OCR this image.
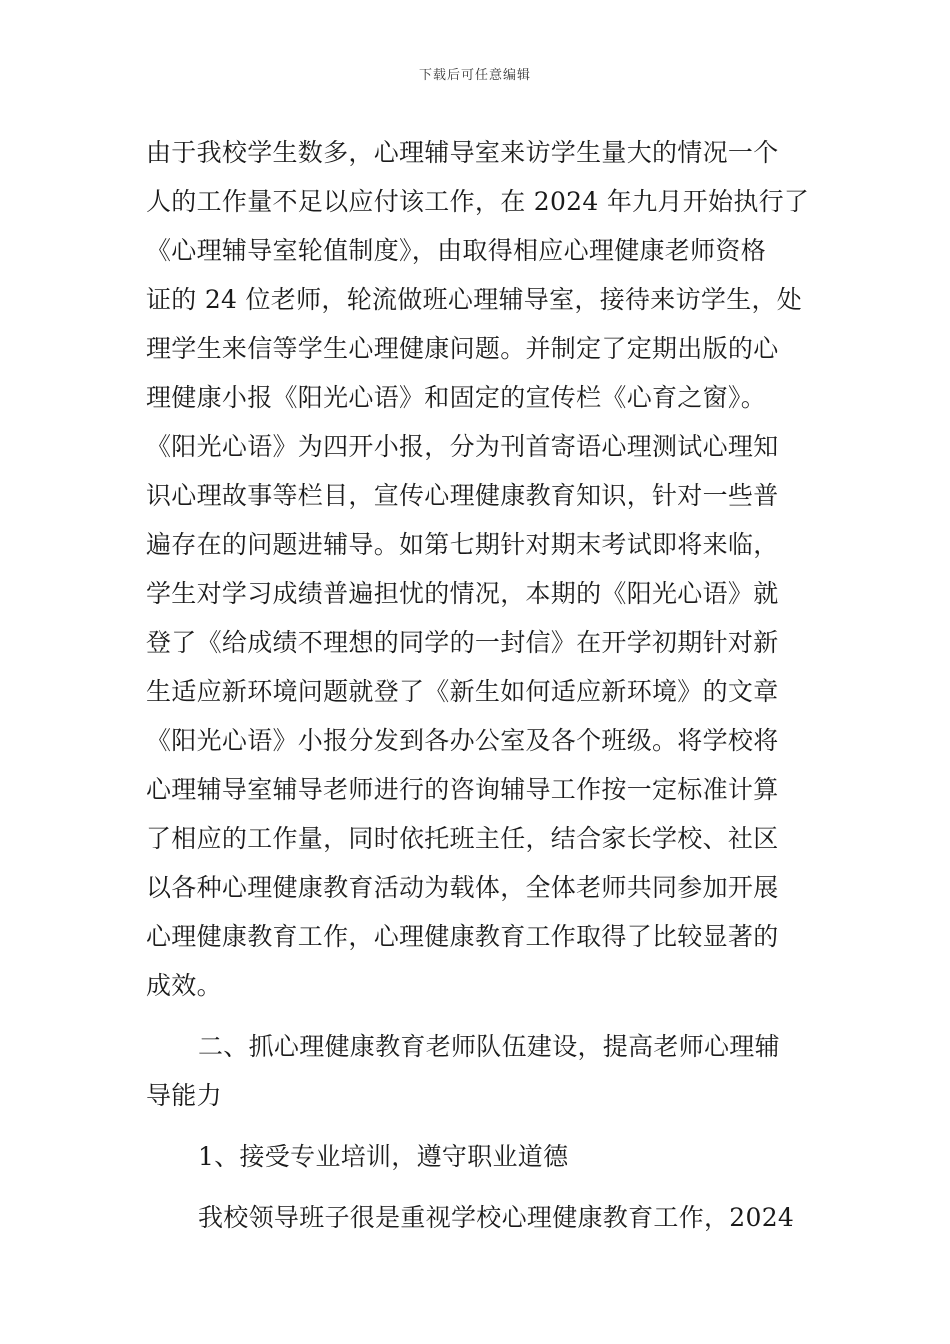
下载后可任意编辑
由于我校学生数多，心理辅导室来访学生量大的情况一个
人的工作量不足以应付该工作，在 2024 年九月开始执行了
《心理辅导室轮值制度》，由取得相应心理健康老师资格
证的 24 位老师，轮流做班心理辅导室，接待来访学生，处
理学生来信等学生心理健康问题。并制定了定期出版的心
理健康小报《阳光心语》和固定的宣传栏《心育之窗》。
《阳光心语》为四开小报，分为刊首寄语心理测试心理知
识心理故事等栏目，宣传心理健康教育知识，针对一些普
遍存在的问题进辅导。如第七期针对期末考试即将来临，
学生对学习成绩普遍担忧的情况，本期的《阳光心语》就
登了《给成绩不理想的同学的一封信》在开学初期针对新
生适应新环境问题就登了《新生如何适应新环境》的文章
《阳光心语》小报分发到各办公室及各个班级。将学校将
心理辅导室辅导老师进行的咨询辅导工作按一定标准计算
了相应的工作量，同时依托班主任，结合家长学校、社区
以各种心理健康教育活动为载体，全体老师共同参加开展
心理健康教育工作，心理健康教育工作取得了比较显著的
成效。
二、抓心理健康教育老师队伍建设，提高老师心理辅
导能力
1、接受专业培训，遵守职业道德
我校领导班子很是重视学校心理健康教育工作，2024
